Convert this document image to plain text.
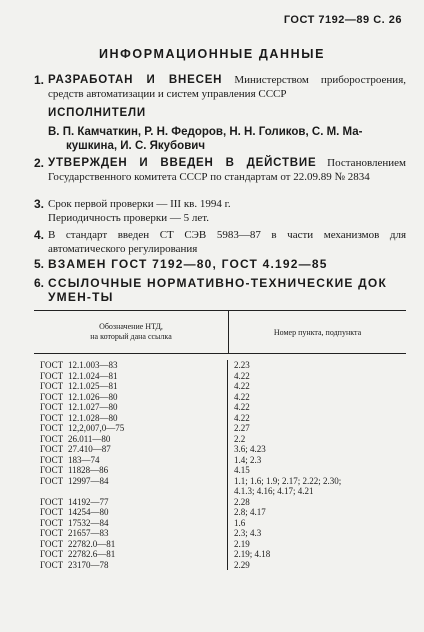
ГОСТ 7192—89 С. 26
ИНФОРМАЦИОННЫЕ ДАННЫЕ
1. РАЗРАБОТАН И ВНЕСЕН Министерством приборостроения, средств автоматизации и систем управления СССР
ИСПОЛНИТЕЛИ
В. П. Камчаткин, Р. Н. Федоров, Н. Н. Голиков, С. М. Ма-
кушкина, И. С. Якубович
2. УТВЕРЖДЕН И ВВЕДЕН В ДЕЙСТВИЕ Постановлением Государственного комитета СССР по стандартам от 22.09.89 № 2834
3. Срок первой проверки — III кв. 1994 г.
Периодичность проверки — 5 лет.
4. В стандарт введен СТ СЭВ 5983—87 в части механизмов для автоматического регулирования
5. ВЗАМЕН ГОСТ 7192—80, ГОСТ 4.192—85
6. ССЫЛОЧНЫЕ НОРМАТИВНО-ТЕХНИЧЕСКИЕ ДОКУМЕН-ТЫ
Обозначение НТД,
на который дана ссылка	Номер пункта, подпункта
ГОСТ 12.1.003—83
ГОСТ 12.1.024—81
ГОСТ 12.1.025—81
ГОСТ 12.1.026—80
ГОСТ 12.1.027—80
ГОСТ 12.1.028—80
ГОСТ 12,2,007,0—75
ГОСТ 26.011—80
ГОСТ 27.410—87
ГОСТ 183—74
ГОСТ 11828—86
ГОСТ 12997—84
ГОСТ 14192—77
ГОСТ 14254—80
ГОСТ 17532—84
ГОСТ 21657—83
ГОСТ 22782.0—81
ГОСТ 22782.6—81
ГОСТ 23170—78
2.23
4.22
4.22
4.22
4.22
4.22
2.27
2.2
3.6; 4.23
1.4; 2.3
4.15
1.1; 1.6; 1.9; 2.17; 2.22; 2.30;
4.1.3; 4.16; 4.17; 4.21
2.28
2.8; 4.17
1.6
2.3; 4.3
2.19
2.19; 4.18
2.29
